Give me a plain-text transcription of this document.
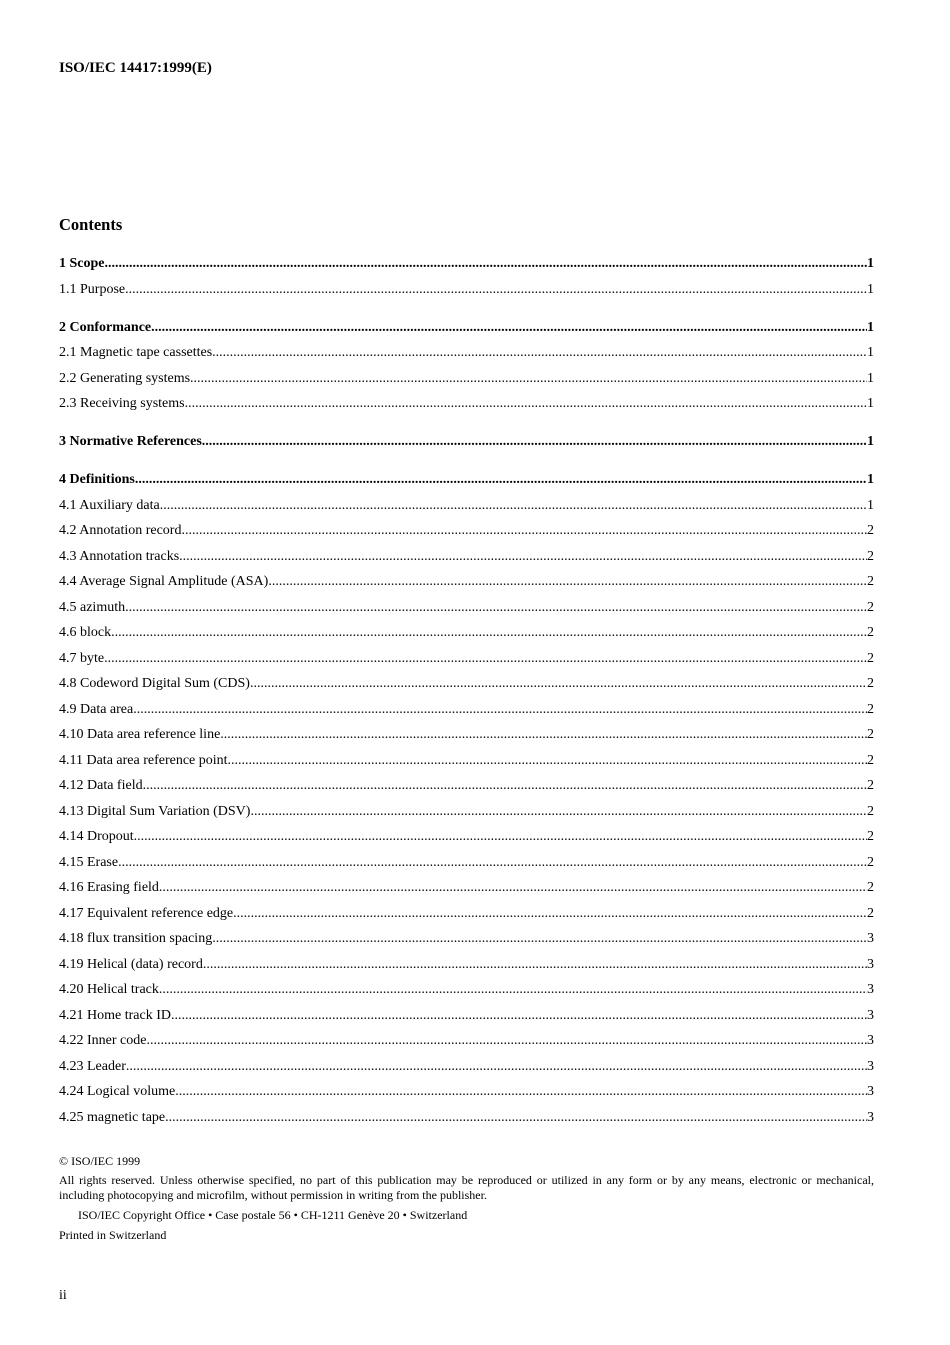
ISO/IEC 14417:1999(E)
Contents
1 Scope .....	1
1.1 Purpose .....	1
2 Conformance .....	1
2.1 Magnetic tape cassettes .....	1
2.2 Generating systems .....	1
2.3 Receiving systems .....	1
3 Normative References .....	1
4 Definitions .....	1
4.1 Auxiliary data .....	1
4.2 Annotation record .....	2
4.3 Annotation tracks .....	2
4.4 Average Signal Amplitude (ASA) .....	2
4.5 azimuth .....	2
4.6 block .....	2
4.7 byte .....	2
4.8 Codeword Digital Sum (CDS) .....	2
4.9 Data area .....	2
4.10 Data area reference line .....	2
4.11 Data area reference point .....	2
4.12 Data field .....	2
4.13 Digital Sum Variation (DSV) .....	2
4.14 Dropout .....	2
4.15 Erase .....	2
4.16 Erasing field .....	2
4.17 Equivalent reference edge .....	2
4.18 flux transition spacing .....	3
4.19 Helical (data) record .....	3
4.20 Helical track .....	3
4.21 Home track ID .....	3
4.22 Inner code .....	3
4.23 Leader .....	3
4.24 Logical volume .....	3
4.25 magnetic tape .....	3
© ISO/IEC 1999
All rights reserved. Unless otherwise specified, no part of this publication may be reproduced or utilized in any form or by any means, electronic or mechanical, including photocopying and microfilm, without permission in writing from the publisher.
ISO/IEC Copyright Office • Case postale 56 • CH-1211 Genève 20 • Switzerland
Printed in Switzerland
ii
